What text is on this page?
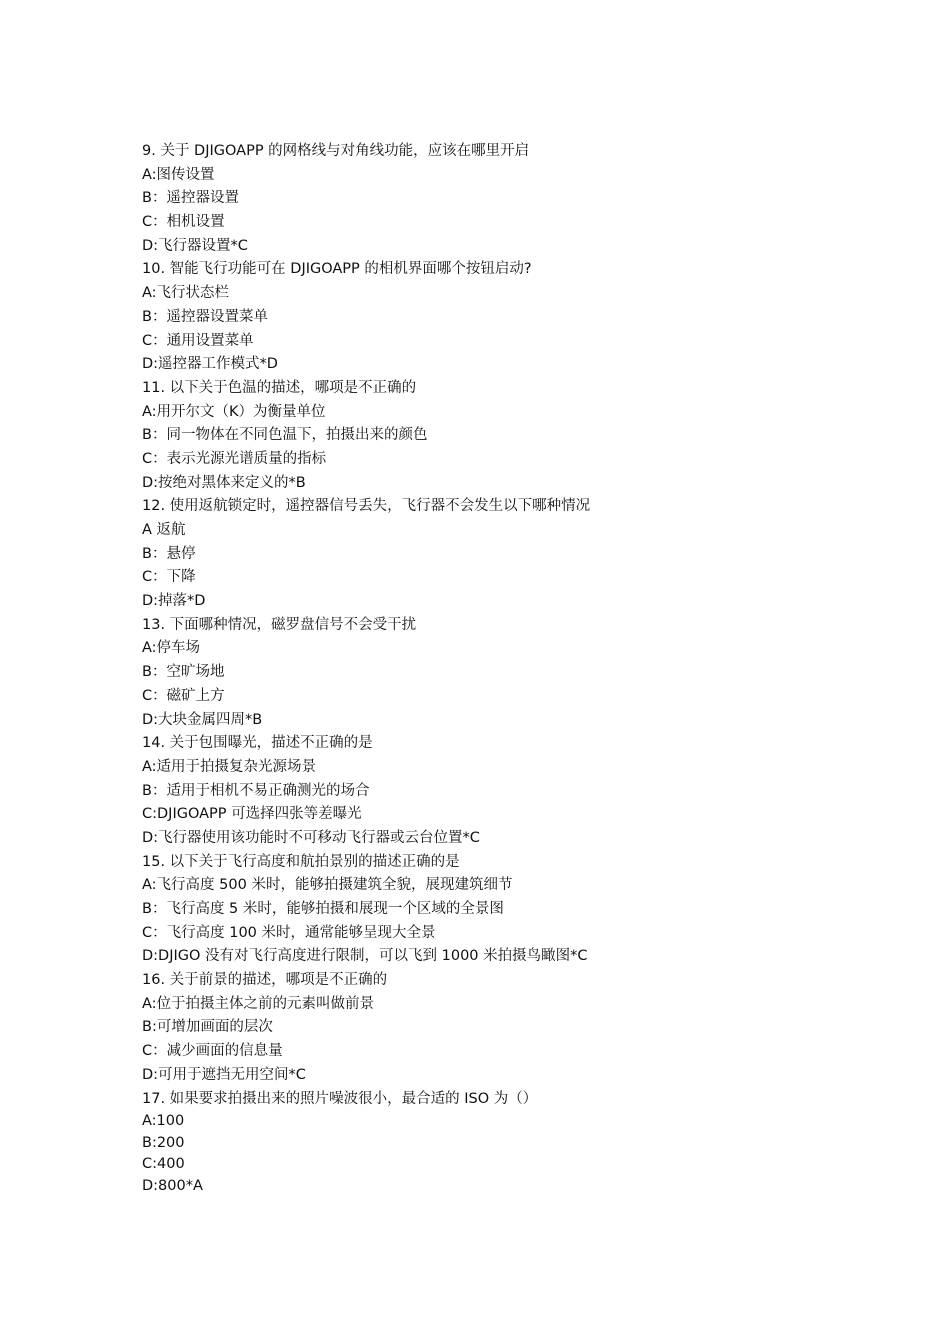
9. 关于 DJIGOAPP 的网格线与对角线功能，应该在哪里开启
A:图传设置
B：遥控器设置
C：相机设置
D:飞行器设置*C
10. 智能飞行功能可在 DJIGOAPP 的相机界面哪个按钮启动?
A:飞行状态栏
B：遥控器设置菜单
C：通用设置菜单
D:遥控器工作模式*D
11. 以下关于色温的描述，哪项是不正确的
A:用开尔文（K）为衡量单位
B：同一物体在不同色温下，拍摄出来的颜色
C：表示光源光谱质量的指标
D:按绝对黑体来定义的*B
12. 使用返航锁定时，遥控器信号丢失，飞行器不会发生以下哪种情况
A 返航
B：悬停
C：下降
D:掉落*D
13. 下面哪种情况，磁罗盘信号不会受干扰
A:停车场
B：空旷场地
C：磁矿上方
D:大块金属四周*B
14. 关于包围曝光，描述不正确的是
A:适用于拍摄复杂光源场景
B：适用于相机不易正确测光的场合
C:DJIGOAPP 可选择四张等差曝光
D:飞行器使用该功能时不可移动飞行器或云台位置*C
15. 以下关于飞行高度和航拍景别的描述正确的是
A:飞行高度 500 米时，能够拍摄建筑全貌，展现建筑细节
B：飞行高度 5 米时，能够拍摄和展现一个区域的全景图
C：飞行高度 100 米时，通常能够呈现大全景
D:DJIGO 没有对飞行高度进行限制，可以飞到 1000 米拍摄鸟瞰图*C
16. 关于前景的描述，哪项是不正确的
A:位于拍摄主体之前的元素叫做前景
B:可增加画面的层次
C：减少画面的信息量
D:可用于遮挡无用空间*C
17. 如果要求拍摄出来的照片噪波很小，最合适的 ISO 为（）
A:100
B:200
C:400
D:800*A
